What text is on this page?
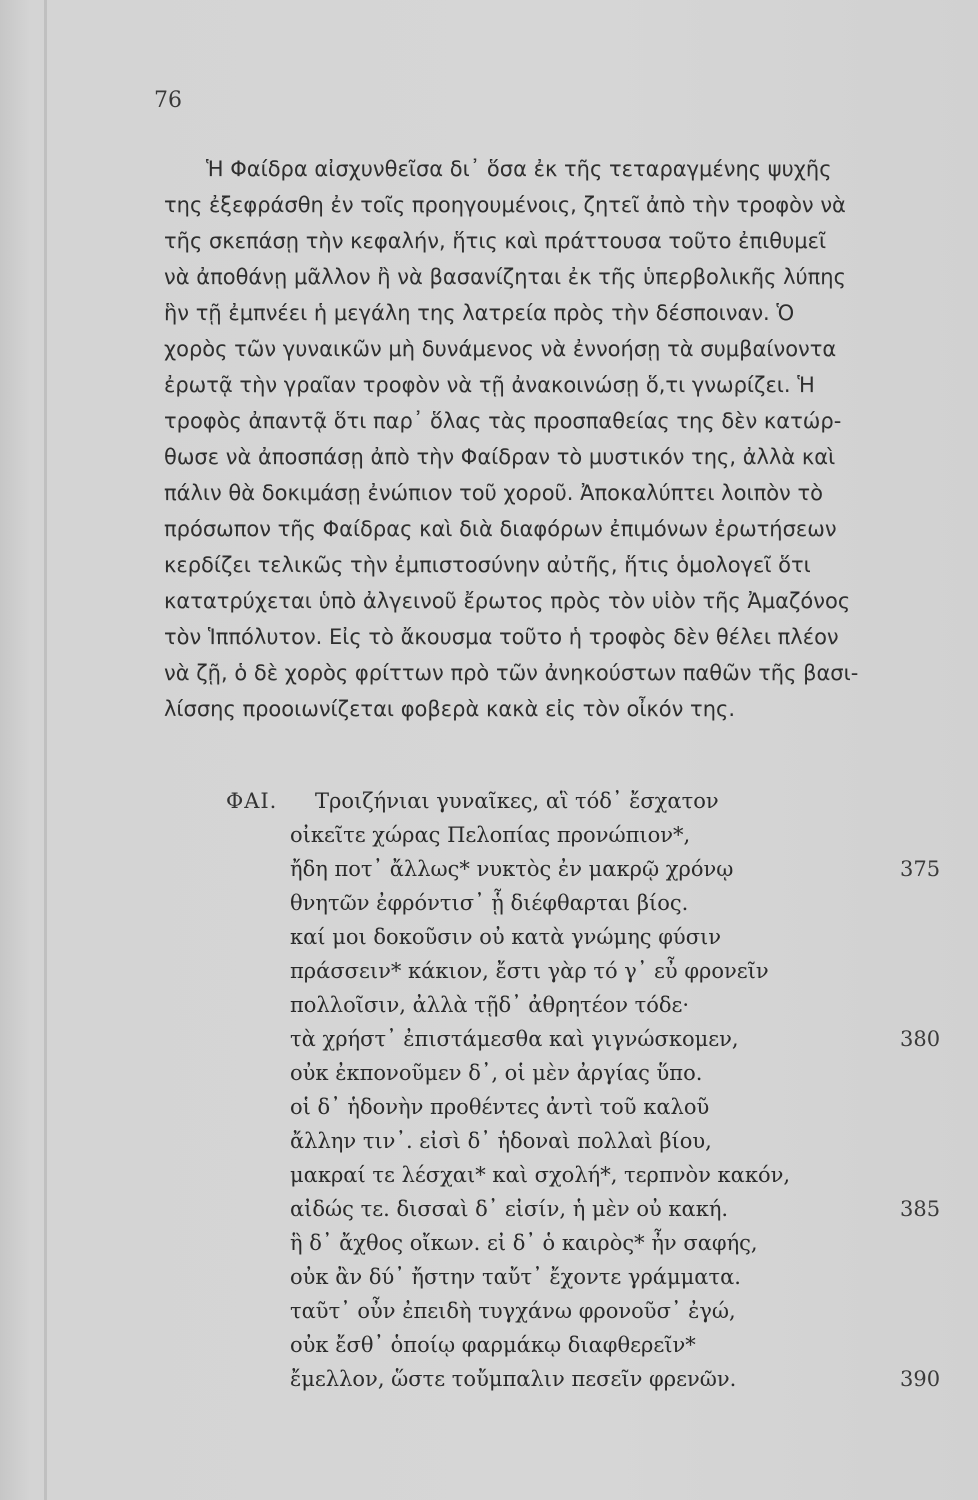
76
Ἡ Φαίδρα αἰσχυνθεῖσα δι᾿ ὅσα ἐκ τῆς τεταραγμένης ψυχῆς
της ἐξεφράσθη ἐν τοῖς προηγουμένοις, ζητεῖ ἀπὸ τὴν τροφὸν νὰ
τῆς σκεπάσῃ τὴν κεφαλήν, ἥτις καὶ πράττουσα τοῦτο ἐπιθυμεῖ
νὰ ἀποθάνῃ μᾶλλον ἢ νὰ βασανίζηται ἐκ τῆς ὑπερβολικῆς λύπης
ἣν τῇ ἐμπνέει ἡ μεγάλη της λατρεία πρὸς τὴν δέσποιναν. Ὁ
χορὸς τῶν γυναικῶν μὴ δυνάμενος νὰ ἐννοήσῃ τὰ συμβαίνοντα
ἐρωτᾷ τὴν γραῖαν τροφὸν νὰ τῇ ἀνακοινώσῃ ὅ,τι γνωρίζει. Ἡ
τροφὸς ἀπαντᾷ ὅτι παρ᾿ ὅλας τὰς προσπαθείας της δὲν κατώρ-
θωσε νὰ ἀποσπάσῃ ἀπὸ τὴν Φαίδραν τὸ μυστικόν της, ἀλλὰ καὶ
πάλιν θὰ δοκιμάσῃ ἐνώπιον τοῦ χοροῦ. Ἀποκαλύπτει λοιπὸν τὸ
πρόσωπον τῆς Φαίδρας καὶ διὰ διαφόρων ἐπιμόνων ἐρωτήσεων
κερδίζει τελικῶς τὴν ἐμπιστοσύνην αὐτῆς, ἥτις ὁμολογεῖ ὅτι
κατατρύχεται ὑπὸ ἀλγεινοῦ ἔρωτος πρὸς τὸν υἱὸν τῆς Ἀμαζόνος
τὸν Ἱππόλυτον. Εἰς τὸ ἄκουσμα τοῦτο ἡ τροφὸς δὲν θέλει πλέον
νὰ ζῇ, ὁ δὲ χορὸς φρίττων πρὸ τῶν ἀνηκούστων παθῶν τῆς βασι-
λίσσης προοιωνίζεται φοβερὰ κακὰ εἰς τὸν οἶκόν της.
ΦΑΙ. Τροιζήνιαι γυναῖκες, αἳ τόδ᾿ ἔσχατον
οἰκεῖτε χώρας Πελοπίας προνώπιον*,
ἤδη ποτ᾿ ἄλλως* νυκτὸς ἐν μακρῷ χρόνῳ
θνητῶν ἐφρόντισ᾿ ᾗ διέφθαρται βίος.
καί μοι δοκοῦσιν οὐ κατὰ γνώμης φύσιν
πράσσειν* κάκιον, ἔστι γὰρ τό γ᾿ εὖ φρονεῖν
πολλοῖσιν, ἀλλὰ τῇδ᾿ ἀθρητέον τόδε·
τὰ χρήστ᾿ ἐπιστάμεσθα καὶ γιγνώσκομεν,
οὐκ ἐκπονοῦμεν δ᾿, οἱ μὲν ἀργίας ὕπο.
οἱ δ᾿ ἡδονὴν προθέντες ἀντὶ τοῦ καλοῦ
ἄλλην τιν᾿. εἰσὶ δ᾿ ἡδοναὶ πολλαὶ βίου,
μακραί τε λέσχαι* καὶ σχολή*, τερπνὸν κακόν,
αἰδώς τε. δισσαὶ δ᾿ εἰσίν, ἡ μὲν οὐ κακή.
ἣ δ᾿ ἄχθος οἴκων. εἰ δ᾿ ὁ καιρὸς* ἦν σαφής,
οὐκ ἂν δύ᾿ ἤστην ταὔτ᾿ ἔχοντε γράμματα.
ταῦτ᾿ οὖν ἐπειδὴ τυγχάνω φρονοῦσ᾿ ἐγώ,
οὐκ ἔσθ᾿ ὁποίῳ φαρμάκῳ διαφθερεῖν*
ἔμελλον, ὥστε τοὔμπαλιν πεσεῖν φρενῶν.
375
380
385
390
